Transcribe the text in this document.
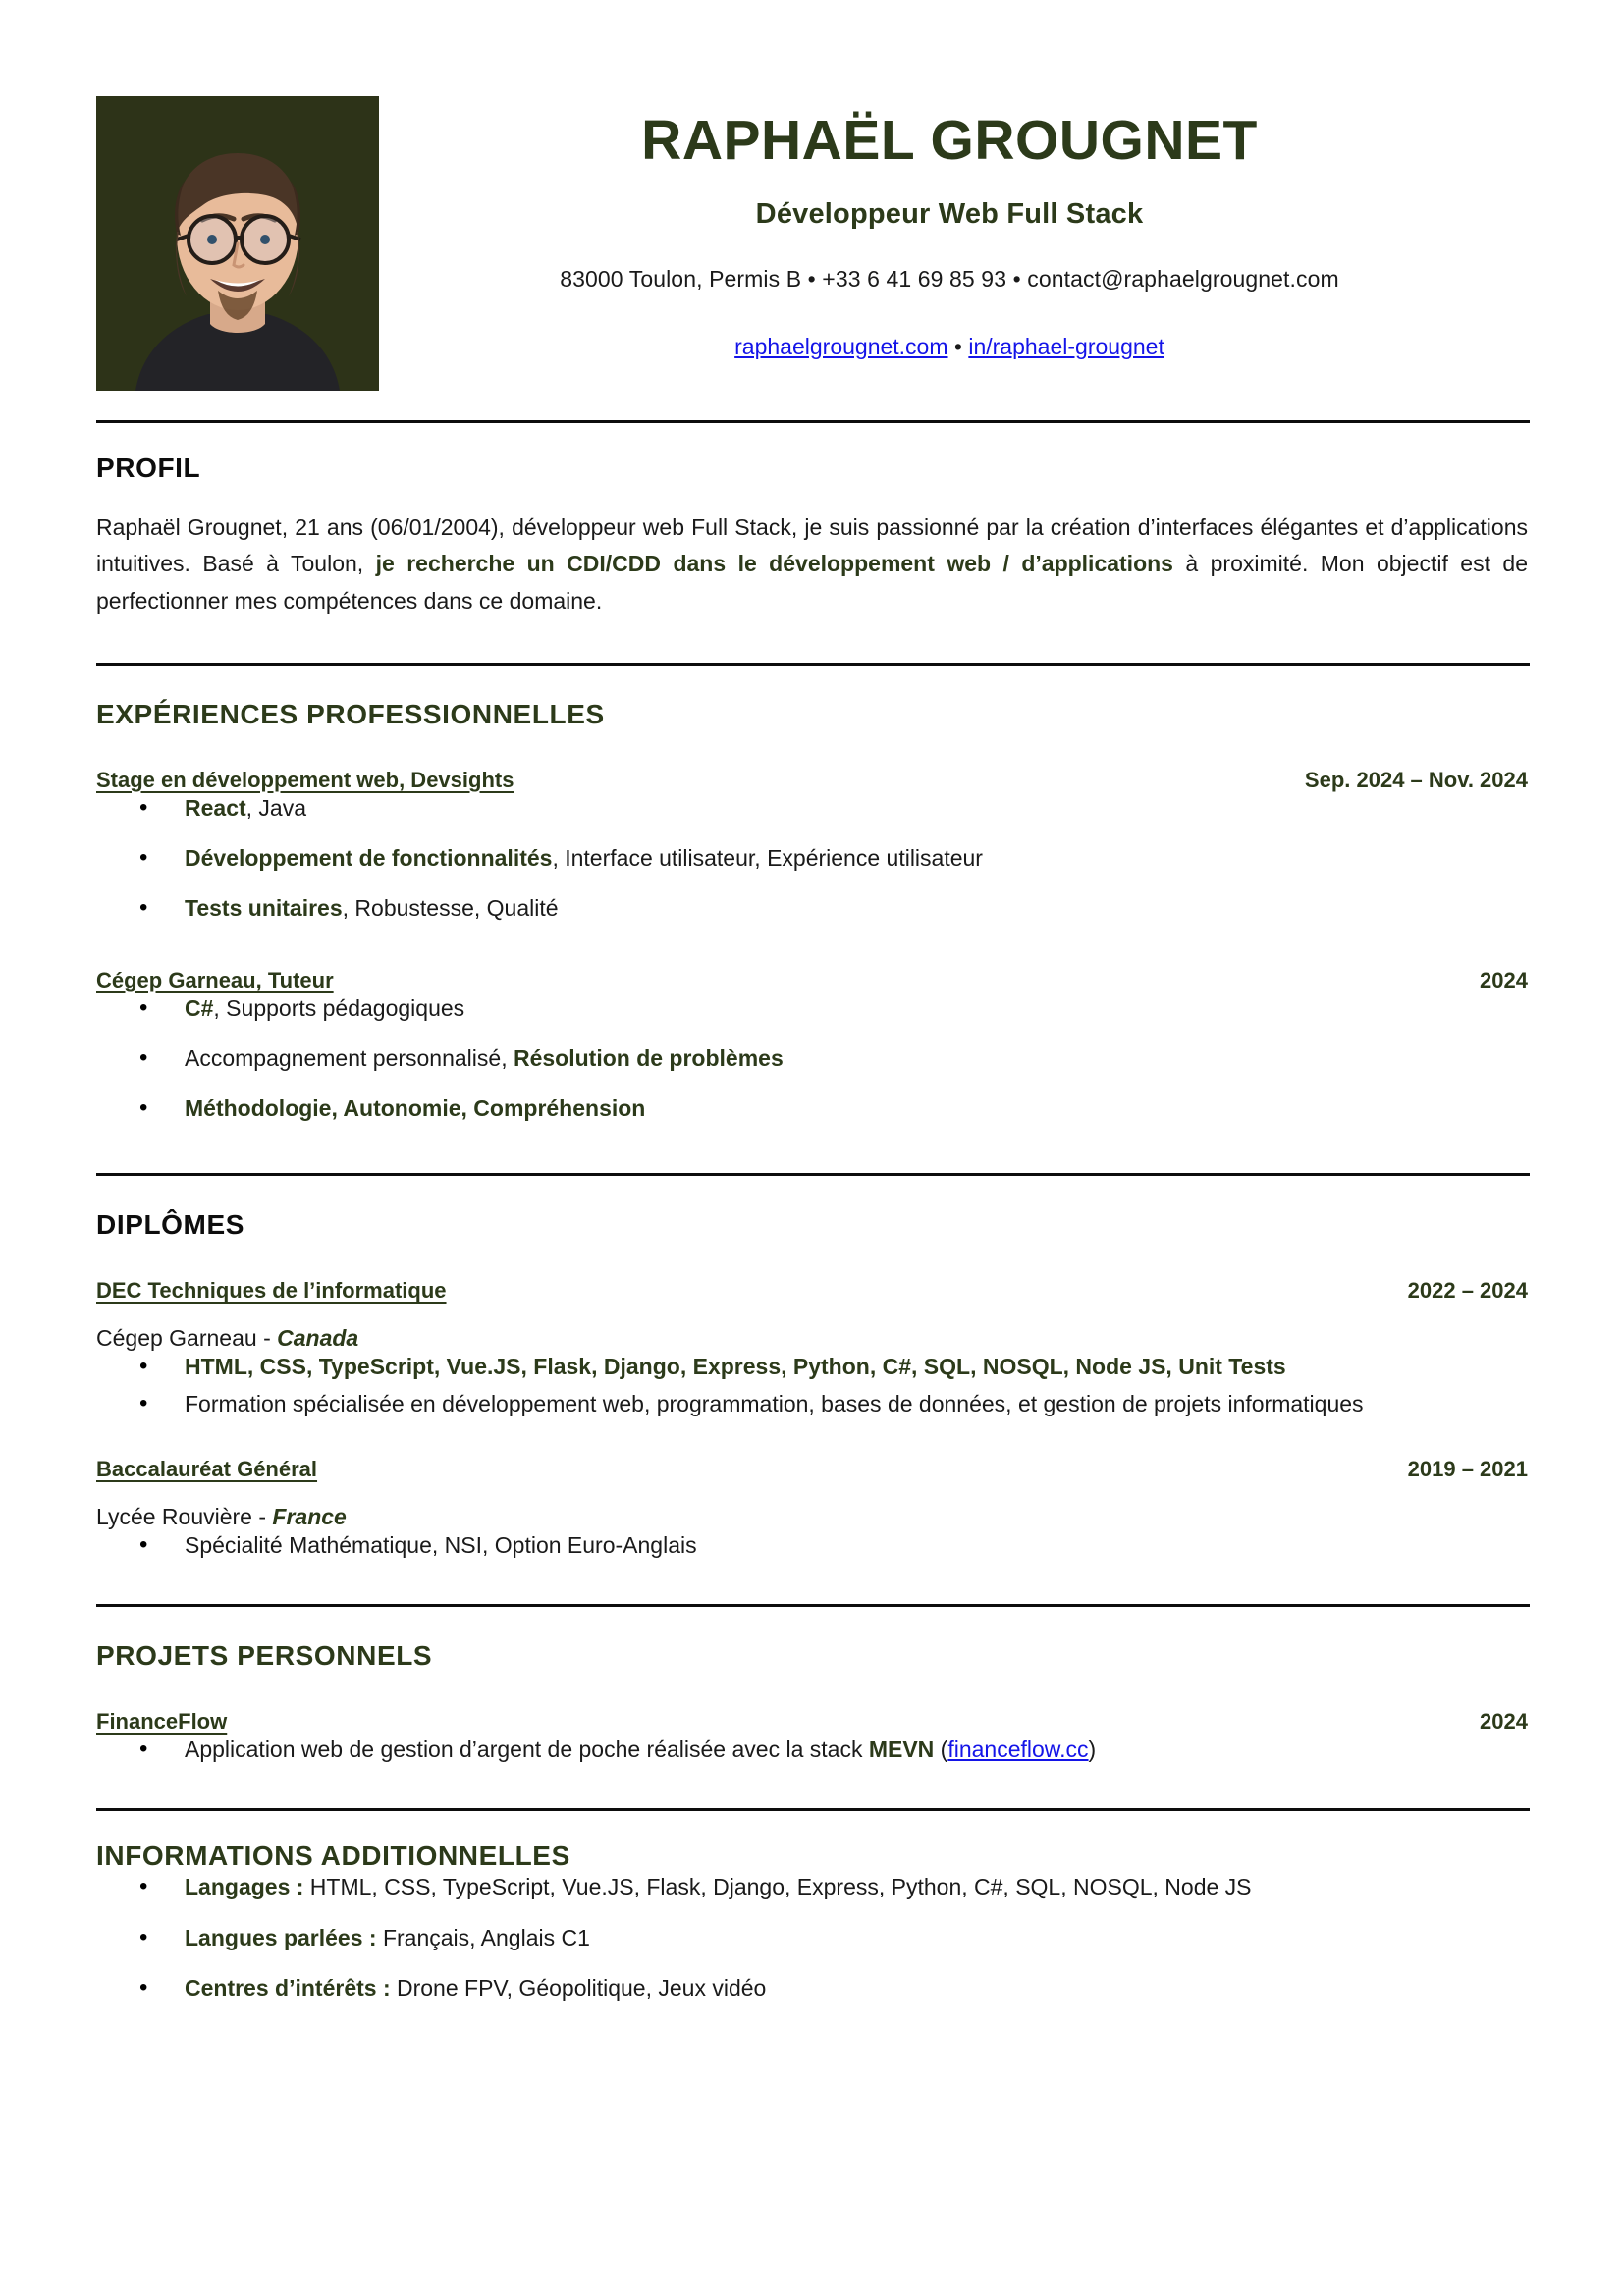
RAPHAËL GROUGNET
Développeur Web Full Stack
83000 Toulon, Permis B • +33 6 41 69 85 93 • contact@raphaelgrougnet.com
raphaelgrougnet.com • in/raphael-grougnet
PROFIL

Raphaël Grougnet, 21 ans (06/01/2004), développeur web Full Stack, je suis passionné par la création d’interfaces élégantes et d’applications intuitives. Basé à Toulon, je recherche un CDI/CDD dans le développement web / d’applications à proximité. Mon objectif est de perfectionner mes compétences dans ce domaine.

EXPÉRIENCES PROFESSIONNELLES
Stage en développement web, Devsights	Sep. 2024 – Nov. 2024
• React, Java
• Développement de fonctionnalités, Interface utilisateur, Expérience utilisateur
• Tests unitaires, Robustesse, Qualité
Cégep Garneau, Tuteur	2024
• C#, Supports pédagogiques
• Accompagnement personnalisé, Résolution de problèmes
• Méthodologie, Autonomie, Compréhension
DIPLÔMES
DEC Techniques de l’informatique	2022 – 2024
Cégep Garneau - Canada
• HTML, CSS, TypeScript, Vue.JS, Flask, Django, Express, Python, C#, SQL, NOSQL, Node JS, Unit Tests
• Formation spécialisée en développement web, programmation, bases de données, et gestion de projets informatiques
Baccalauréat Général	2019 – 2021
Lycée Rouvière - France
• Spécialité Mathématique, NSI, Option Euro-Anglais
PROJETS PERSONNELS
FinanceFlow	2024
• Application web de gestion d’argent de poche réalisée avec la stack MEVN (financeflow.cc)
INFORMATIONS ADDITIONNELLES
• Langages : HTML, CSS, TypeScript, Vue.JS, Flask, Django, Express, Python, C#, SQL, NOSQL, Node JS
• Langues parlées : Français, Anglais C1
• Centres d’intérêts : Drone FPV, Géopolitique, Jeux vidéo
